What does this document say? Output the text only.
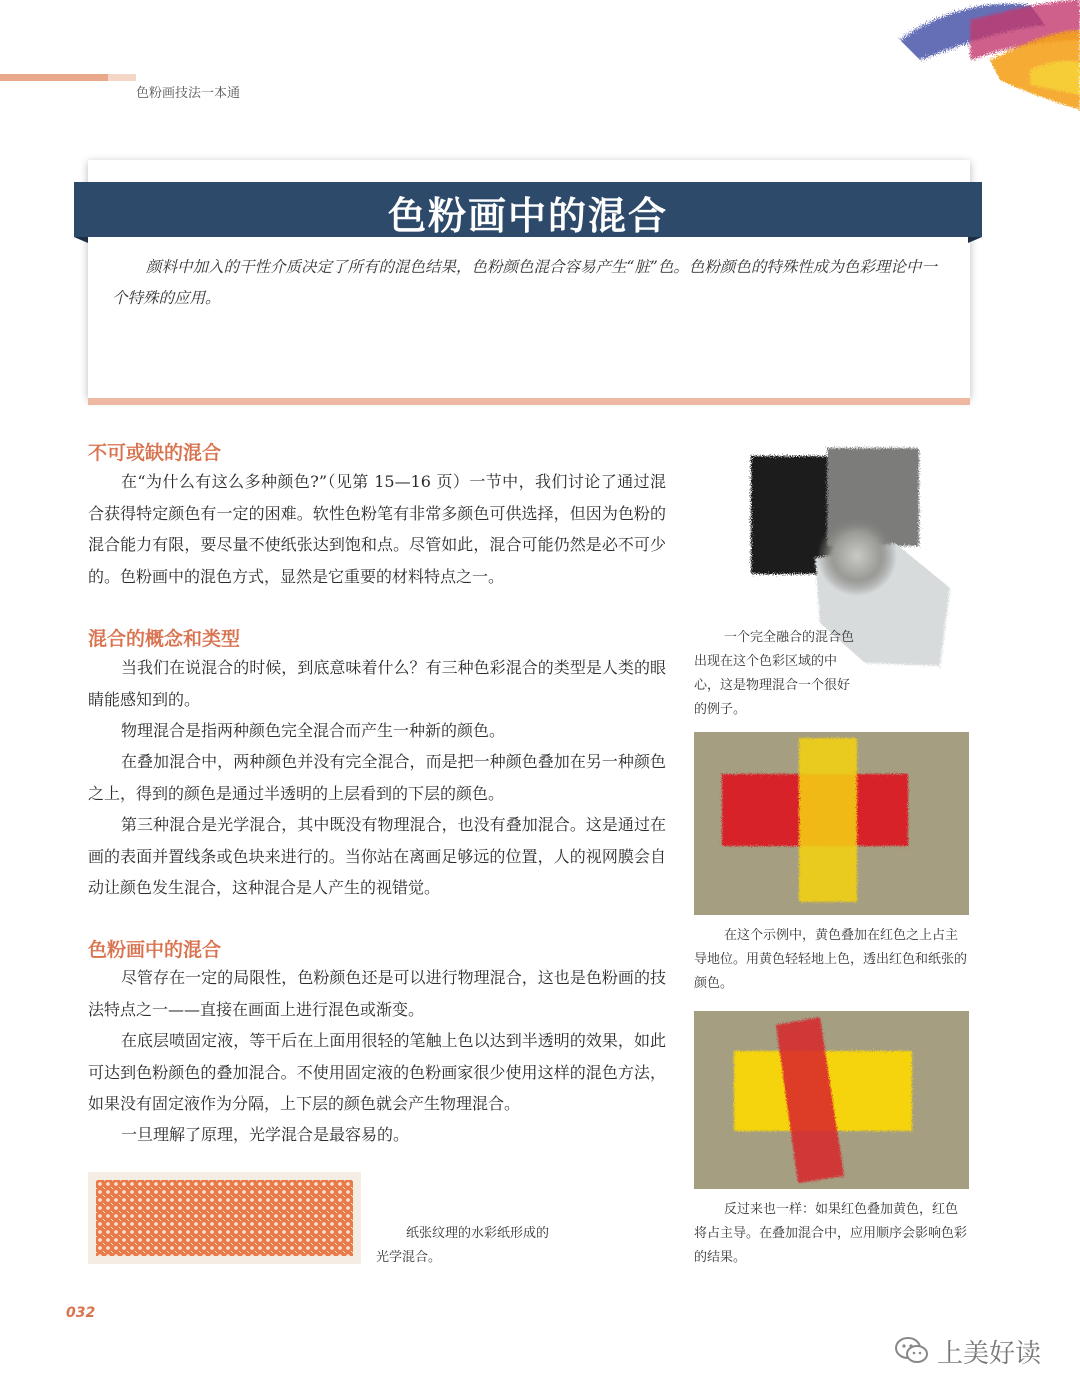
色粉画技法一本通
色粉画中的混合
颜料中加入的干性介质决定了所有的混色结果，色粉颜色混合容易产生“脏”色。色粉颜色的特殊性成为色彩理论中一个特殊的应用。
不可或缺的混合
在“为什么有这么多种颜色?”（见第 15—16 页）一节中，我们讨论了通过混合获得特定颜色有一定的困难。软性色粉笔有非常多颜色可供选择，但因为色粉的混合能力有限，要尽量不使纸张达到饱和点。尽管如此，混合可能仍然是必不可少的。色粉画中的混色方式，显然是它重要的材料特点之一。
混合的概念和类型
当我们在说混合的时候，到底意味着什么？有三种色彩混合的类型是人类的眼睛能感知到的。
物理混合是指两种颜色完全混合而产生一种新的颜色。
在叠加混合中，两种颜色并没有完全混合，而是把一种颜色叠加在另一种颜色之上，得到的颜色是通过半透明的上层看到的下层的颜色。
第三种混合是光学混合，其中既没有物理混合，也没有叠加混合。这是通过在画的表面并置线条或色块来进行的。当你站在离画足够远的位置，人的视网膜会自动让颜色发生混合，这种混合是人产生的视错觉。
色粉画中的混合
尽管存在一定的局限性，色粉颜色还是可以进行物理混合，这也是色粉画的技法特点之一——直接在画面上进行混色或渐变。
在底层喷固定液，等干后在上面用很轻的笔触上色以达到半透明的效果，如此可达到色粉颜色的叠加混合。不使用固定液的色粉画家很少使用这样的混色方法，如果没有固定液作为分隔，上下层的颜色就会产生物理混合。
一旦理解了原理，光学混合是最容易的。
一个完全融合的混合色出现在这个色彩区域的中心，这是物理混合一个很好的例子。
在这个示例中，黄色叠加在红色之上占主导地位。用黄色轻轻地上色，透出红色和纸张的颜色。
反过来也一样：如果红色叠加黄色，红色将占主导。在叠加混合中，应用顺序会影响色彩的结果。
纸张纹理的水彩纸形成的光学混合。
032
上美好读
